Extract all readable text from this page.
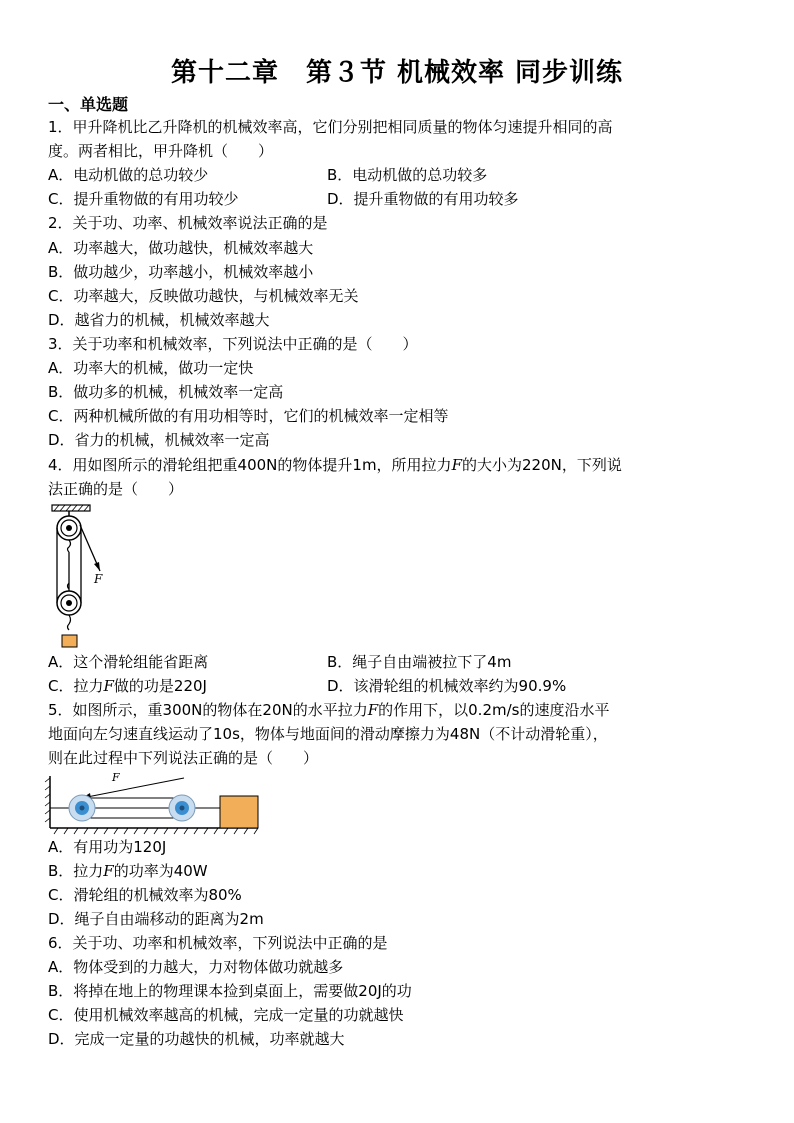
第十二章　第３节 机械效率 同步训练
一、单选题
1．甲升降机比乙升降机的机械效率高，它们分别把相同质量的物体匀速提升相同的高
度。两者相比，甲升降机（　　）
A．电动机做的总功较少	B．电动机做的总功较多
C．提升重物做的有用功较少	D．提升重物做的有用功较多
2．关于功、功率、机械效率说法正确的是
A．功率越大，做功越快，机械效率越大
B．做功越少，功率越小，机械效率越小
C．功率越大，反映做功越快，与机械效率无关
D．越省力的机械，机械效率越大
3．关于功率和机械效率，下列说法中正确的是（　　）
A．功率大的机械，做功一定快
B．做功多的机械，机械效率一定高
C．两种机械所做的有用功相等时，它们的机械效率一定相等
D．省力的机械，机械效率一定高
4．用如图所示的滑轮组把重400N的物体提升1m，所用拉力F的大小为220N，下列说
法正确的是（　　）
F
A．这个滑轮组能省距离	B．绳子自由端被拉下了4m
C．拉力F做的功是220J	D．该滑轮组的机械效率约为90.9%
5．如图所示，重300N的物体在20N的水平拉力F的作用下，以0.2m/s的速度沿水平
地面向左匀速直线运动了10s，物体与地面间的滑动摩擦力为48N（不计动滑轮重），
则在此过程中下列说法正确的是（　　）
F
A．有用功为120J
B．拉力F的功率为40W
C．滑轮组的机械效率为80%
D．绳子自由端移动的距离为2m
6．关于功、功率和机械效率，下列说法中正确的是
A．物体受到的力越大，力对物体做功就越多
B．将掉在地上的物理课本捡到桌面上，需要做20J的功
C．使用机械效率越高的机械，完成一定量的功就越快
D．完成一定量的功越快的机械，功率就越大
